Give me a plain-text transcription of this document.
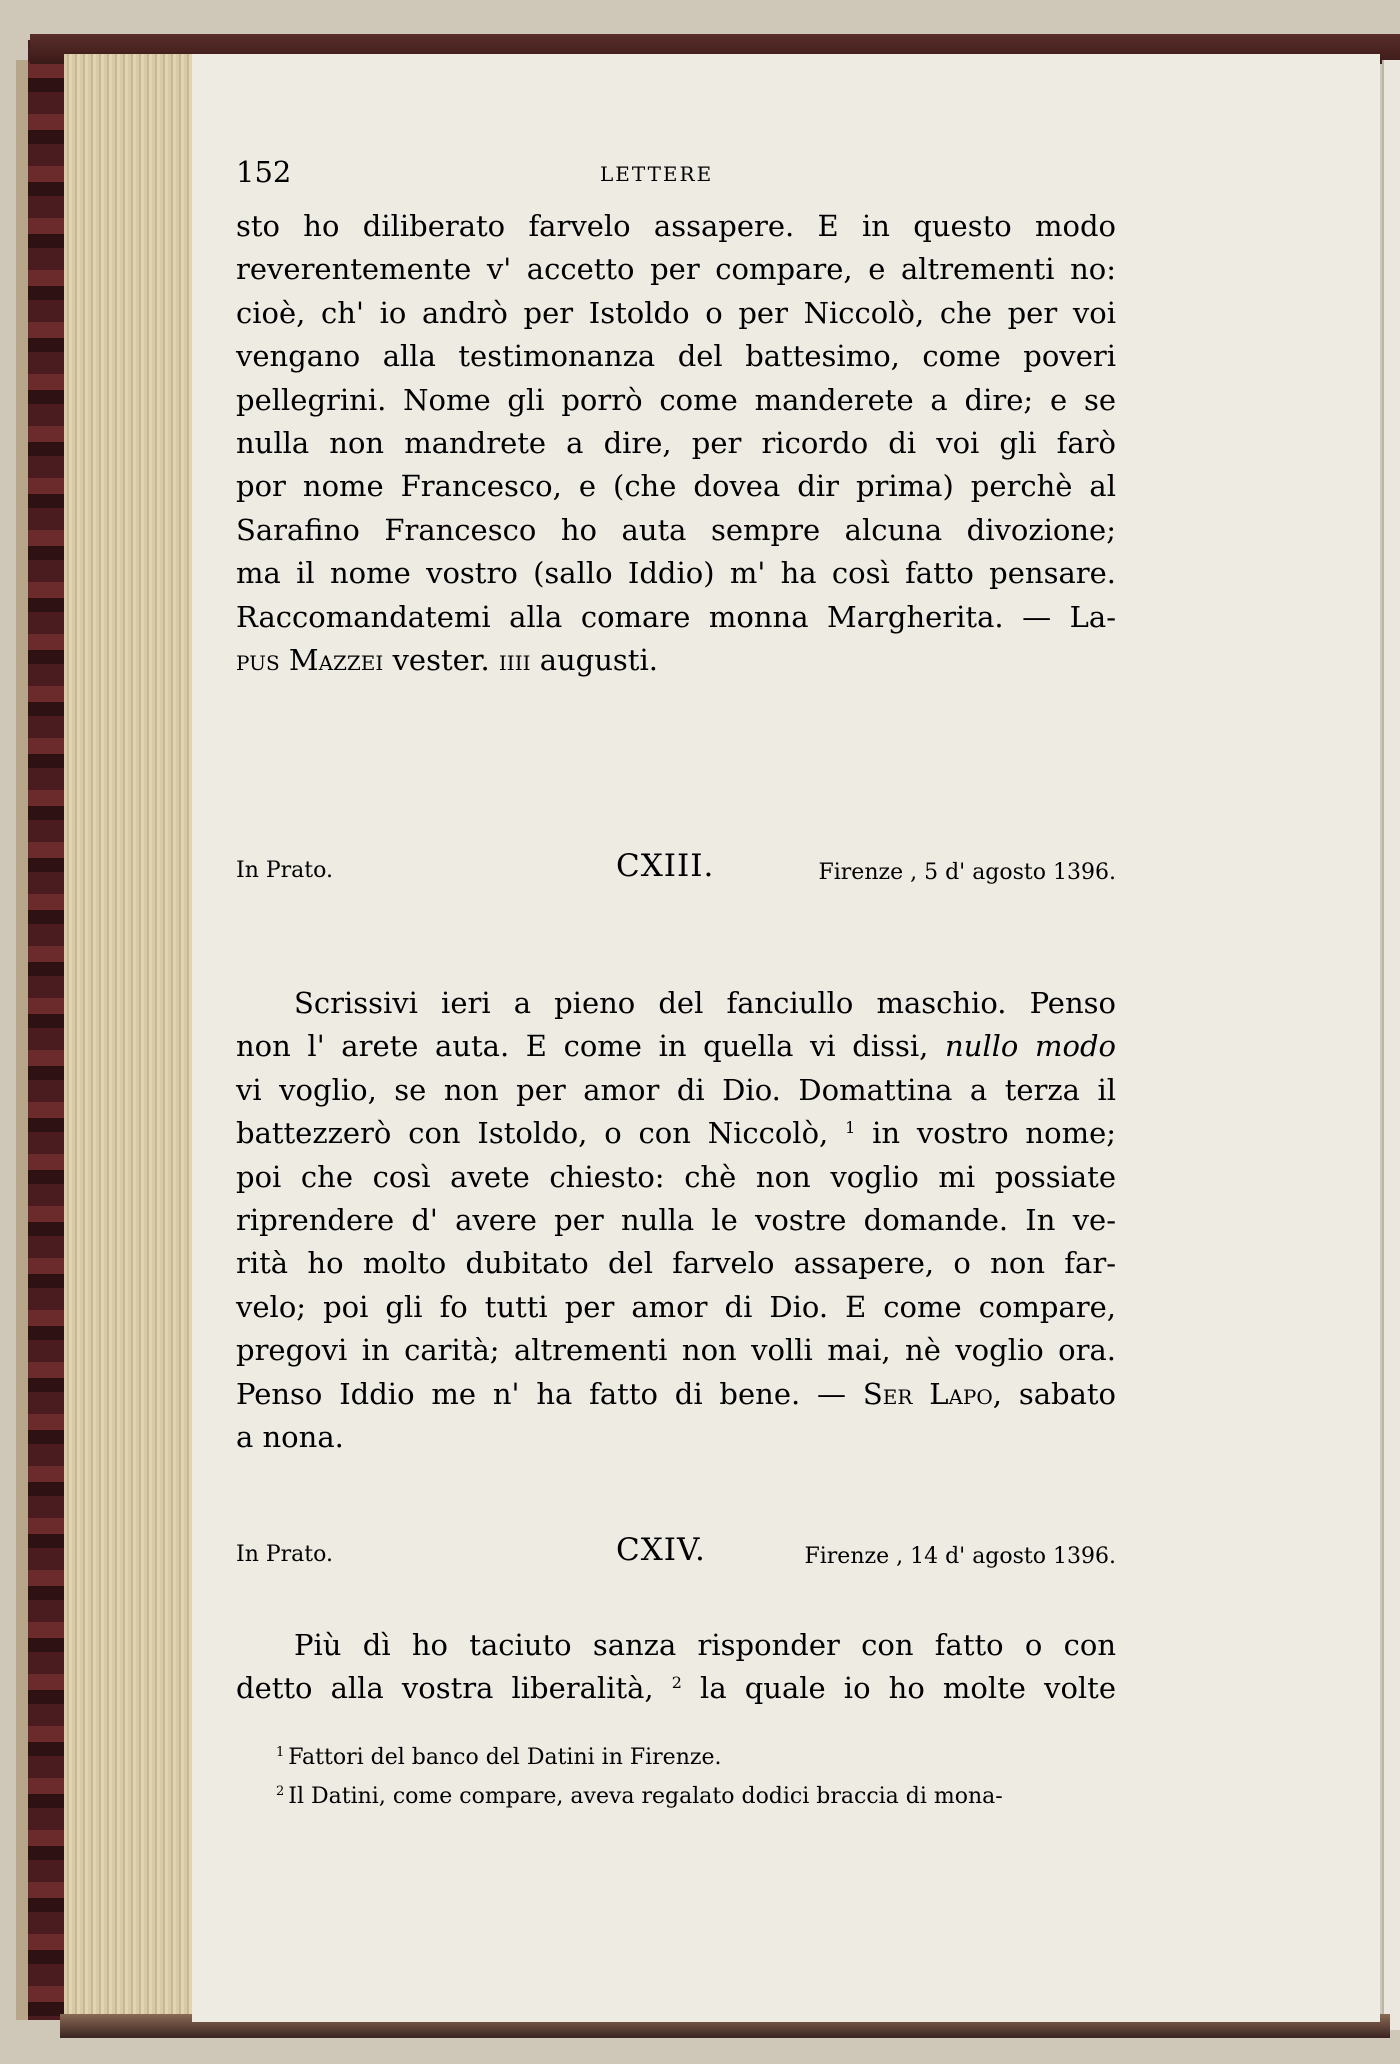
152	LETTERE
sto ho diliberato farvelo assapere. E in questo modo
reverentemente v' accetto per compare, e altrementi no:
cioè, ch' io andrò per Istoldo o per Niccolò, che per voi
vengano alla testimonanza del battesimo, come poveri
pellegrini. Nome gli porrò come manderete a dire; e se
nulla non mandrete a dire, per ricordo di voi gli farò
por nome Francesco, e (che dovea dir prima) perchè al
Sarafino Francesco ho auta sempre alcuna divozione;
ma il nome vostro (sallo Iddio) m' ha così fatto pensare.
Raccomandatemi alla comare monna Margherita. — La-
pus Mazzei vester. iiii augusti.
In Prato.	CXIII.	Firenze , 5 d' agosto 1396.
Scrissivi ieri a pieno del fanciullo maschio. Penso
non l' arete auta. E come in quella vi dissi, nullo modo
vi voglio, se non per amor di Dio. Domattina a terza il
battezzerò con Istoldo, o con Niccolò, $^1$ in vostro nome;
poi che così avete chiesto: chè non voglio mi possiate
riprendere d' avere per nulla le vostre domande. In ve-
rità ho molto dubitato del farvelo assapere, o non far-
velo; poi gli fo tutti per amor di Dio. E come compare,
pregovi in carità; altrementi non volli mai, nè voglio ora.
Penso Iddio me n' ha fatto di bene. — Ser Lapo, sabato
a nona.
In Prato.	CXIV.	Firenze , 14 d' agosto 1396.
Più dì ho taciuto sanza risponder con fatto o con
detto alla vostra liberalità, $^2$ la quale io ho molte volte
$^1$ Fattori del banco del Datini in Firenze.
$^2$ Il Datini, come compare, aveva regalato dodici braccia di mona-
